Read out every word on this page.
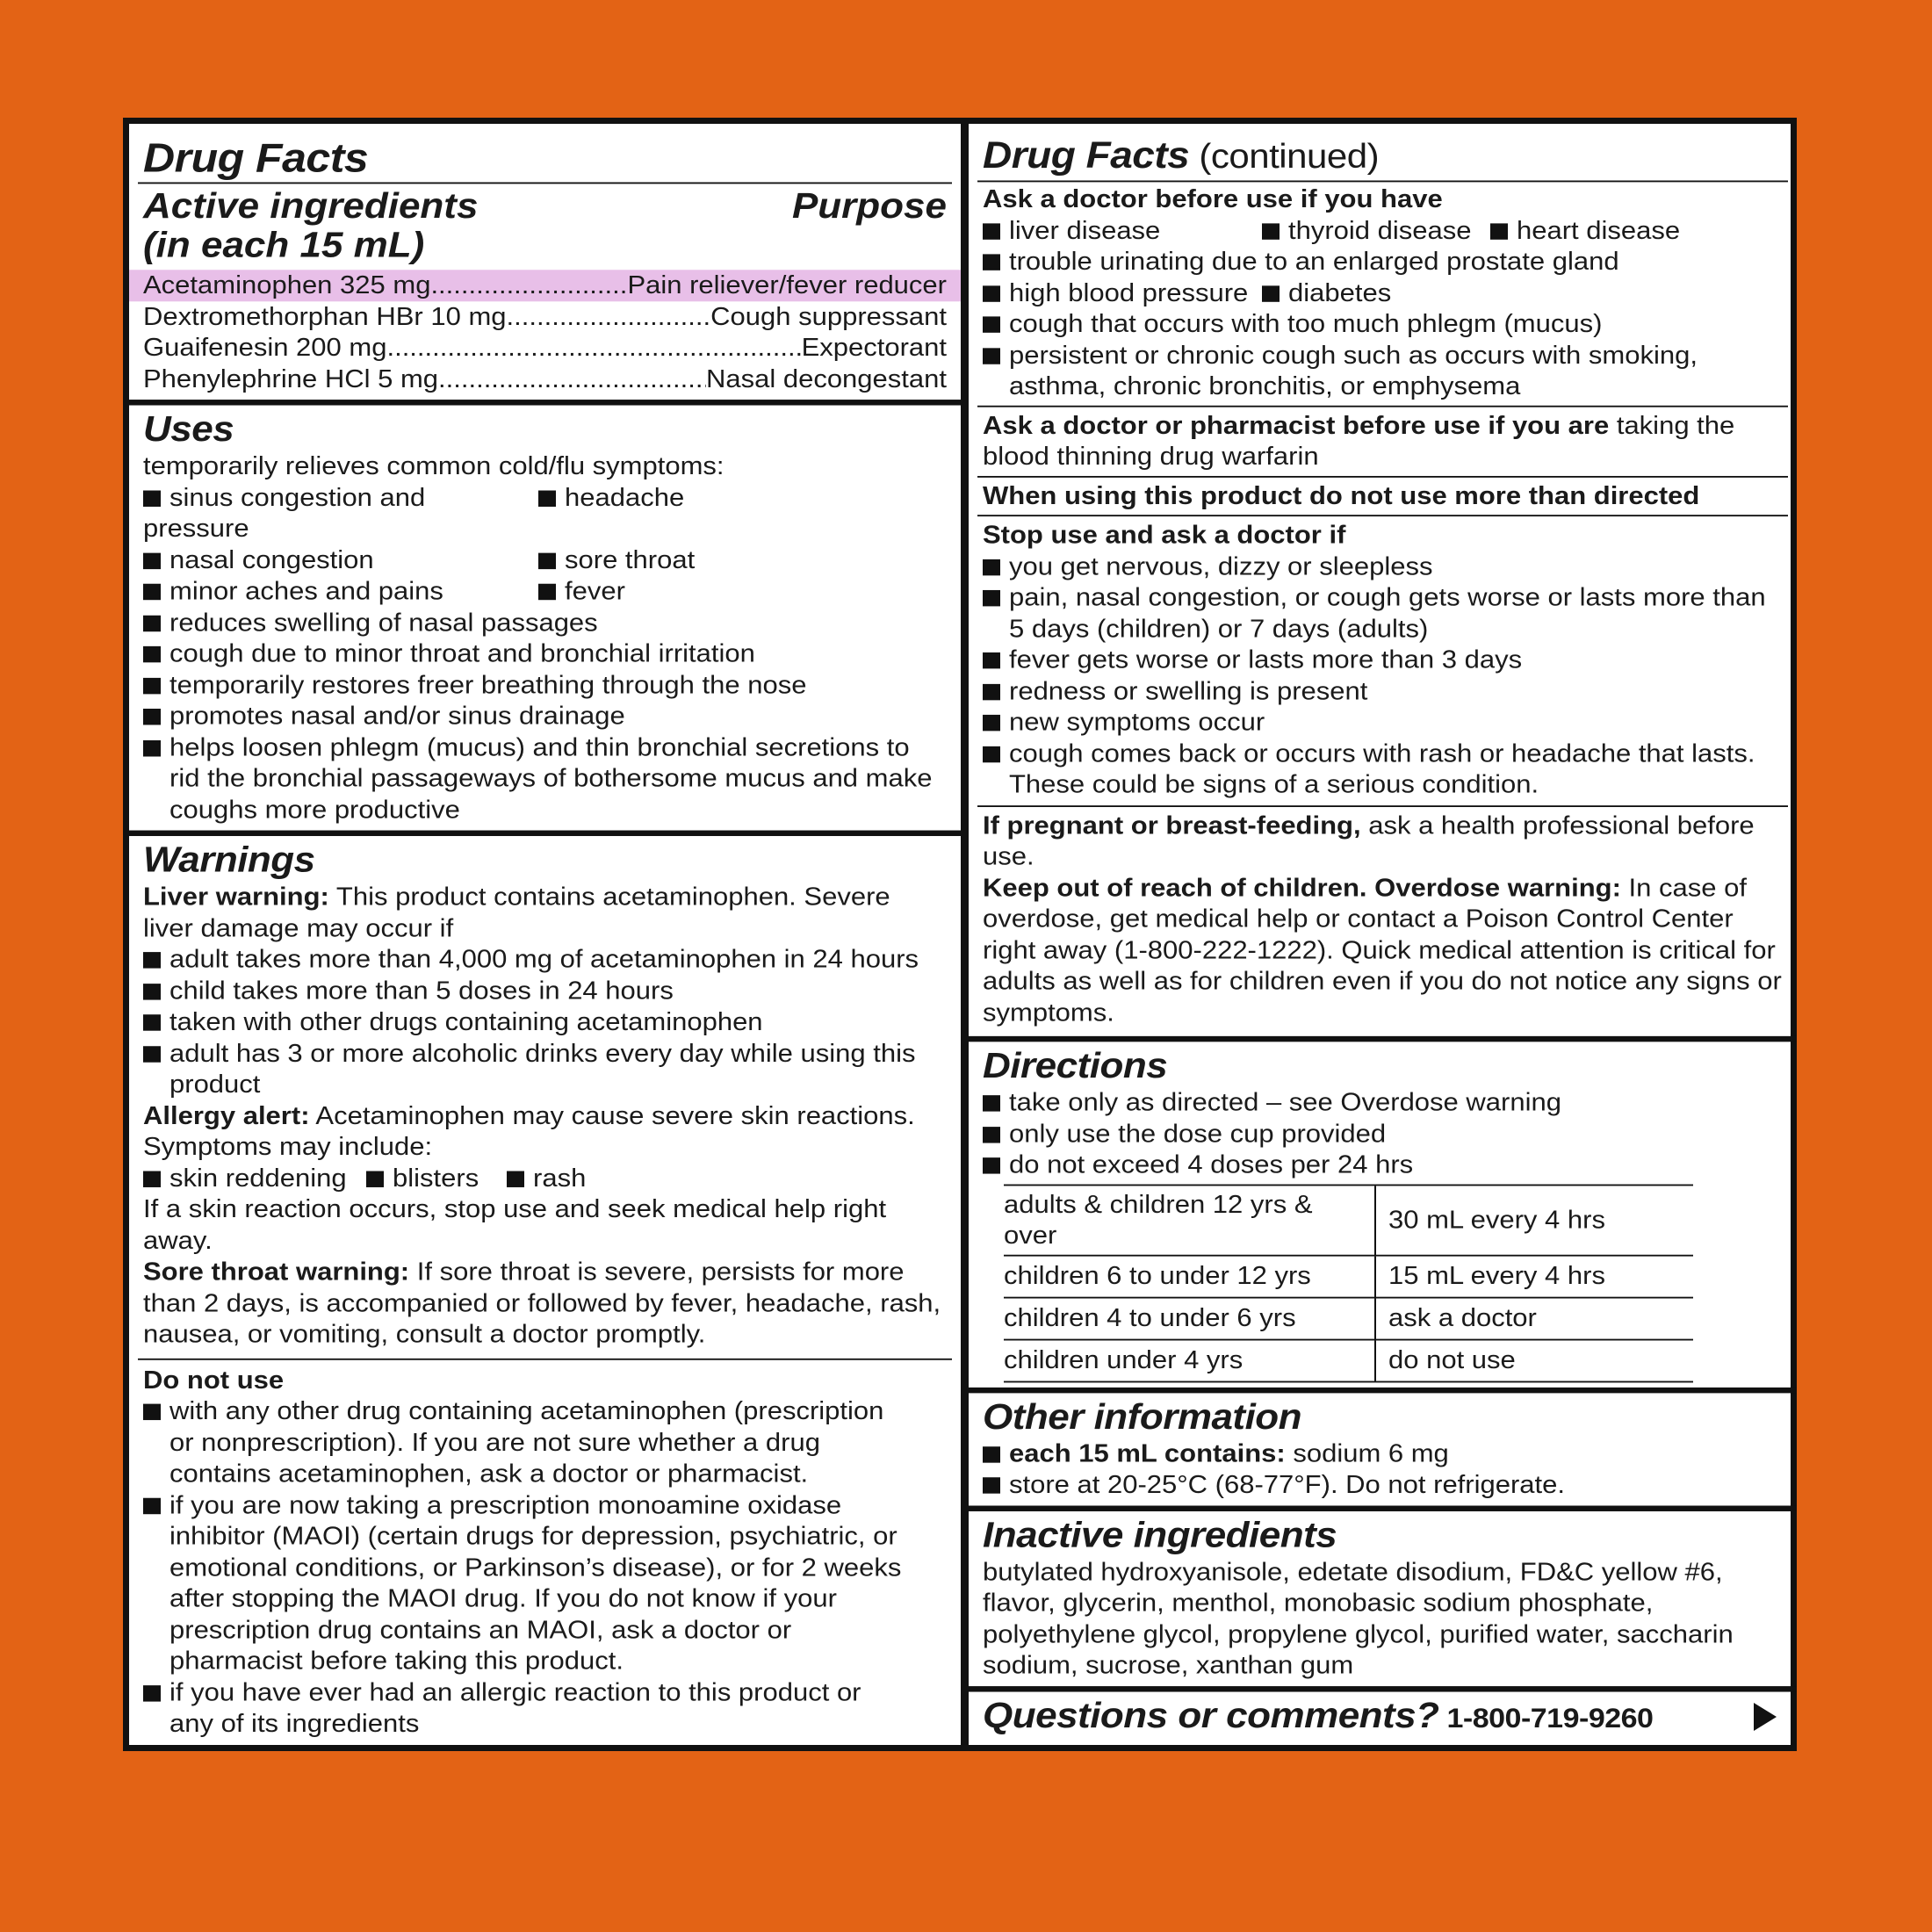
Drug Facts
Active ingredients
(in each 15 mL)
Purpose
Acetaminophen 325 mg .....	Pain reliever/fever reducer
Dextromethorphan HBr 10 mg .....	Cough suppressant
Guaifenesin 200 mg .....	Expectorant
Phenylephrine HCl 5 mg .....	Nasal decongestant
Uses
temporarily relieves common cold/flu symptoms:
sinus congestion and pressure
headache
nasal congestion	sore throat
minor aches and pains	fever
reduces swelling of nasal passages
cough due to minor throat and bronchial irritation
temporarily restores freer breathing through the nose
promotes nasal and/or sinus drainage
helps loosen phlegm (mucus) and thin bronchial secretions to rid the bronchial passageways of bothersome mucus and make coughs more productive
Warnings
Liver warning: This product contains acetaminophen. Severe liver damage may occur if
adult takes more than 4,000 mg of acetaminophen in 24 hours
child takes more than 5 doses in 24 hours
taken with other drugs containing acetaminophen
adult has 3 or more alcoholic drinks every day while using this product
Allergy alert: Acetaminophen may cause severe skin reactions. Symptoms may include:
skin reddening	blisters	rash
If a skin reaction occurs, stop use and seek medical help right away.
Sore throat warning: If sore throat is severe, persists for more than 2 days, is accompanied or followed by fever, headache, rash, nausea, or vomiting, consult a doctor promptly.
Do not use
with any other drug containing acetaminophen (prescription or nonprescription). If you are not sure whether a drug contains acetaminophen, ask a doctor or pharmacist.
if you are now taking a prescription monoamine oxidase inhibitor (MAOI) (certain drugs for depression, psychiatric, or emotional conditions, or Parkinson’s disease), or for 2 weeks after stopping the MAOI drug. If you do not know if your prescription drug contains an MAOI, ask a doctor or pharmacist before taking this product.
if you have ever had an allergic reaction to this product or any of its ingredients
Drug Facts (continued)
Ask a doctor before use if you have
liver disease	thyroid disease	heart disease
trouble urinating due to an enlarged prostate gland
high blood pressure	diabetes
cough that occurs with too much phlegm (mucus)
persistent or chronic cough such as occurs with smoking, asthma, chronic bronchitis, or emphysema
Ask a doctor or pharmacist before use if you are taking the blood thinning drug warfarin
When using this product do not use more than directed
Stop use and ask a doctor if
you get nervous, dizzy or sleepless
pain, nasal congestion, or cough gets worse or lasts more than 5 days (children) or 7 days (adults)
fever gets worse or lasts more than 3 days
redness or swelling is present
new symptoms occur
cough comes back or occurs with rash or headache that lasts. These could be signs of a serious condition.
If pregnant or breast-feeding, ask a health professional before use.
Keep out of reach of children. Overdose warning: In case of overdose, get medical help or contact a Poison Control Center right away (1-800-222-1222). Quick medical attention is critical for adults as well as for children even if you do not notice any signs or symptoms.
Directions
take only as directed – see Overdose warning
only use the dose cup provided
do not exceed 4 doses per 24 hrs
adults & children 12 yrs & over	30 mL every 4 hrs
children 6 to under 12 yrs	15 mL every 4 hrs
children 4 to under 6 yrs	ask a doctor
children under 4 yrs	do not use
Other information
each 15 mL contains: sodium 6 mg
store at 20-25°C (68-77°F). Do not refrigerate.
Inactive ingredients
butylated hydroxyanisole, edetate disodium, FD&C yellow #6, flavor, glycerin, menthol, monobasic sodium phosphate, polyethylene glycol, propylene glycol, purified water, saccharin sodium, sucrose, xanthan gum
Questions or comments? 1-800-719-9260
